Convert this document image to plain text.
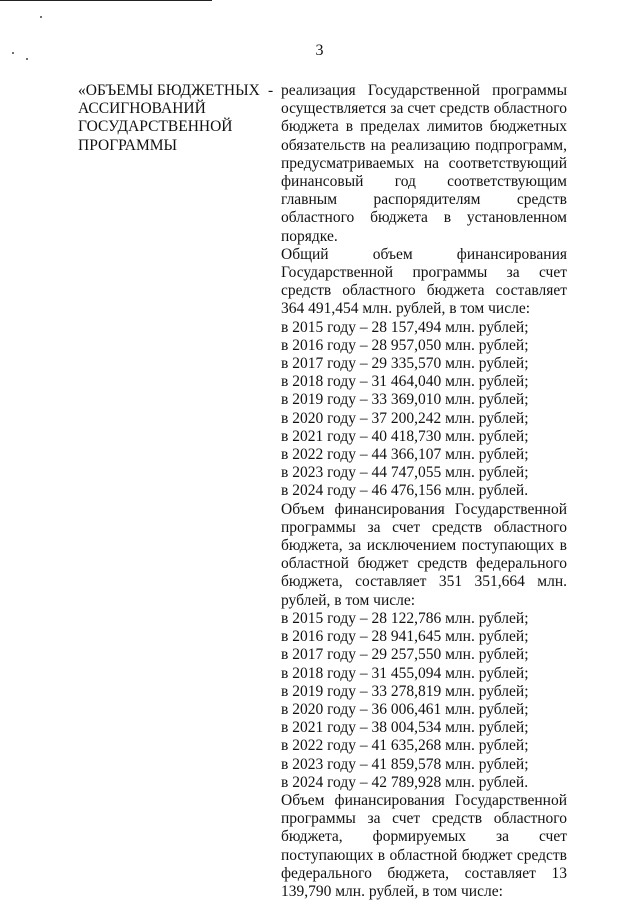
3
«ОБЪЕМЫ БЮДЖЕТНЫХ АССИГНОВАНИЙ ГОСУДАРСТВЕННОЙ ПРОГРАММЫ
- реализация Государственной программы осуществляется за счет средств областного бюджета в пределах лимитов бюджетных обязательств на реализацию подпрограмм, предусматриваемых на соответствующий финансовый год соответствующим главным распорядителям средств областного бюджета в установленном порядке.

Общий объем финансирования Государственной программы за счет средств областного бюджета составляет 364 491,454 млн. рублей, в том числе:

в 2015 году – 28 157,494 млн. рублей;
в 2016 году – 28 957,050 млн. рублей;
в 2017 году – 29 335,570 млн. рублей;
в 2018 году – 31 464,040 млн. рублей;
в 2019 году – 33 369,010 млн. рублей;
в 2020 году – 37 200,242 млн. рублей;
в 2021 году – 40 418,730 млн. рублей;
в 2022 году – 44 366,107 млн. рублей;
в 2023 году – 44 747,055 млн. рублей;
в 2024 году – 46 476,156 млн. рублей.

Объем финансирования Государственной программы за счет средств областного бюджета, за исключением поступающих в областной бюджет средств федерального бюджета, составляет 351 351,664 млн. рублей, в том числе:

в 2015 году – 28 122,786 млн. рублей;
в 2016 году – 28 941,645 млн. рублей;
в 2017 году – 29 257,550 млн. рублей;
в 2018 году – 31 455,094 млн. рублей;
в 2019 году – 33 278,819 млн. рублей;
в 2020 году – 36 006,461 млн. рублей;
в 2021 году – 38 004,534 млн. рублей;
в 2022 году – 41 635,268 млн. рублей;
в 2023 году – 41 859,578 млн. рублей;
в 2024 году – 42 789,928 млн. рублей.

Объем финансирования Государственной программы за счет средств областного бюджета, формируемых за счет поступающих в областной бюджет средств федерального бюджета, составляет 13 139,790 млн. рублей, в том числе:
